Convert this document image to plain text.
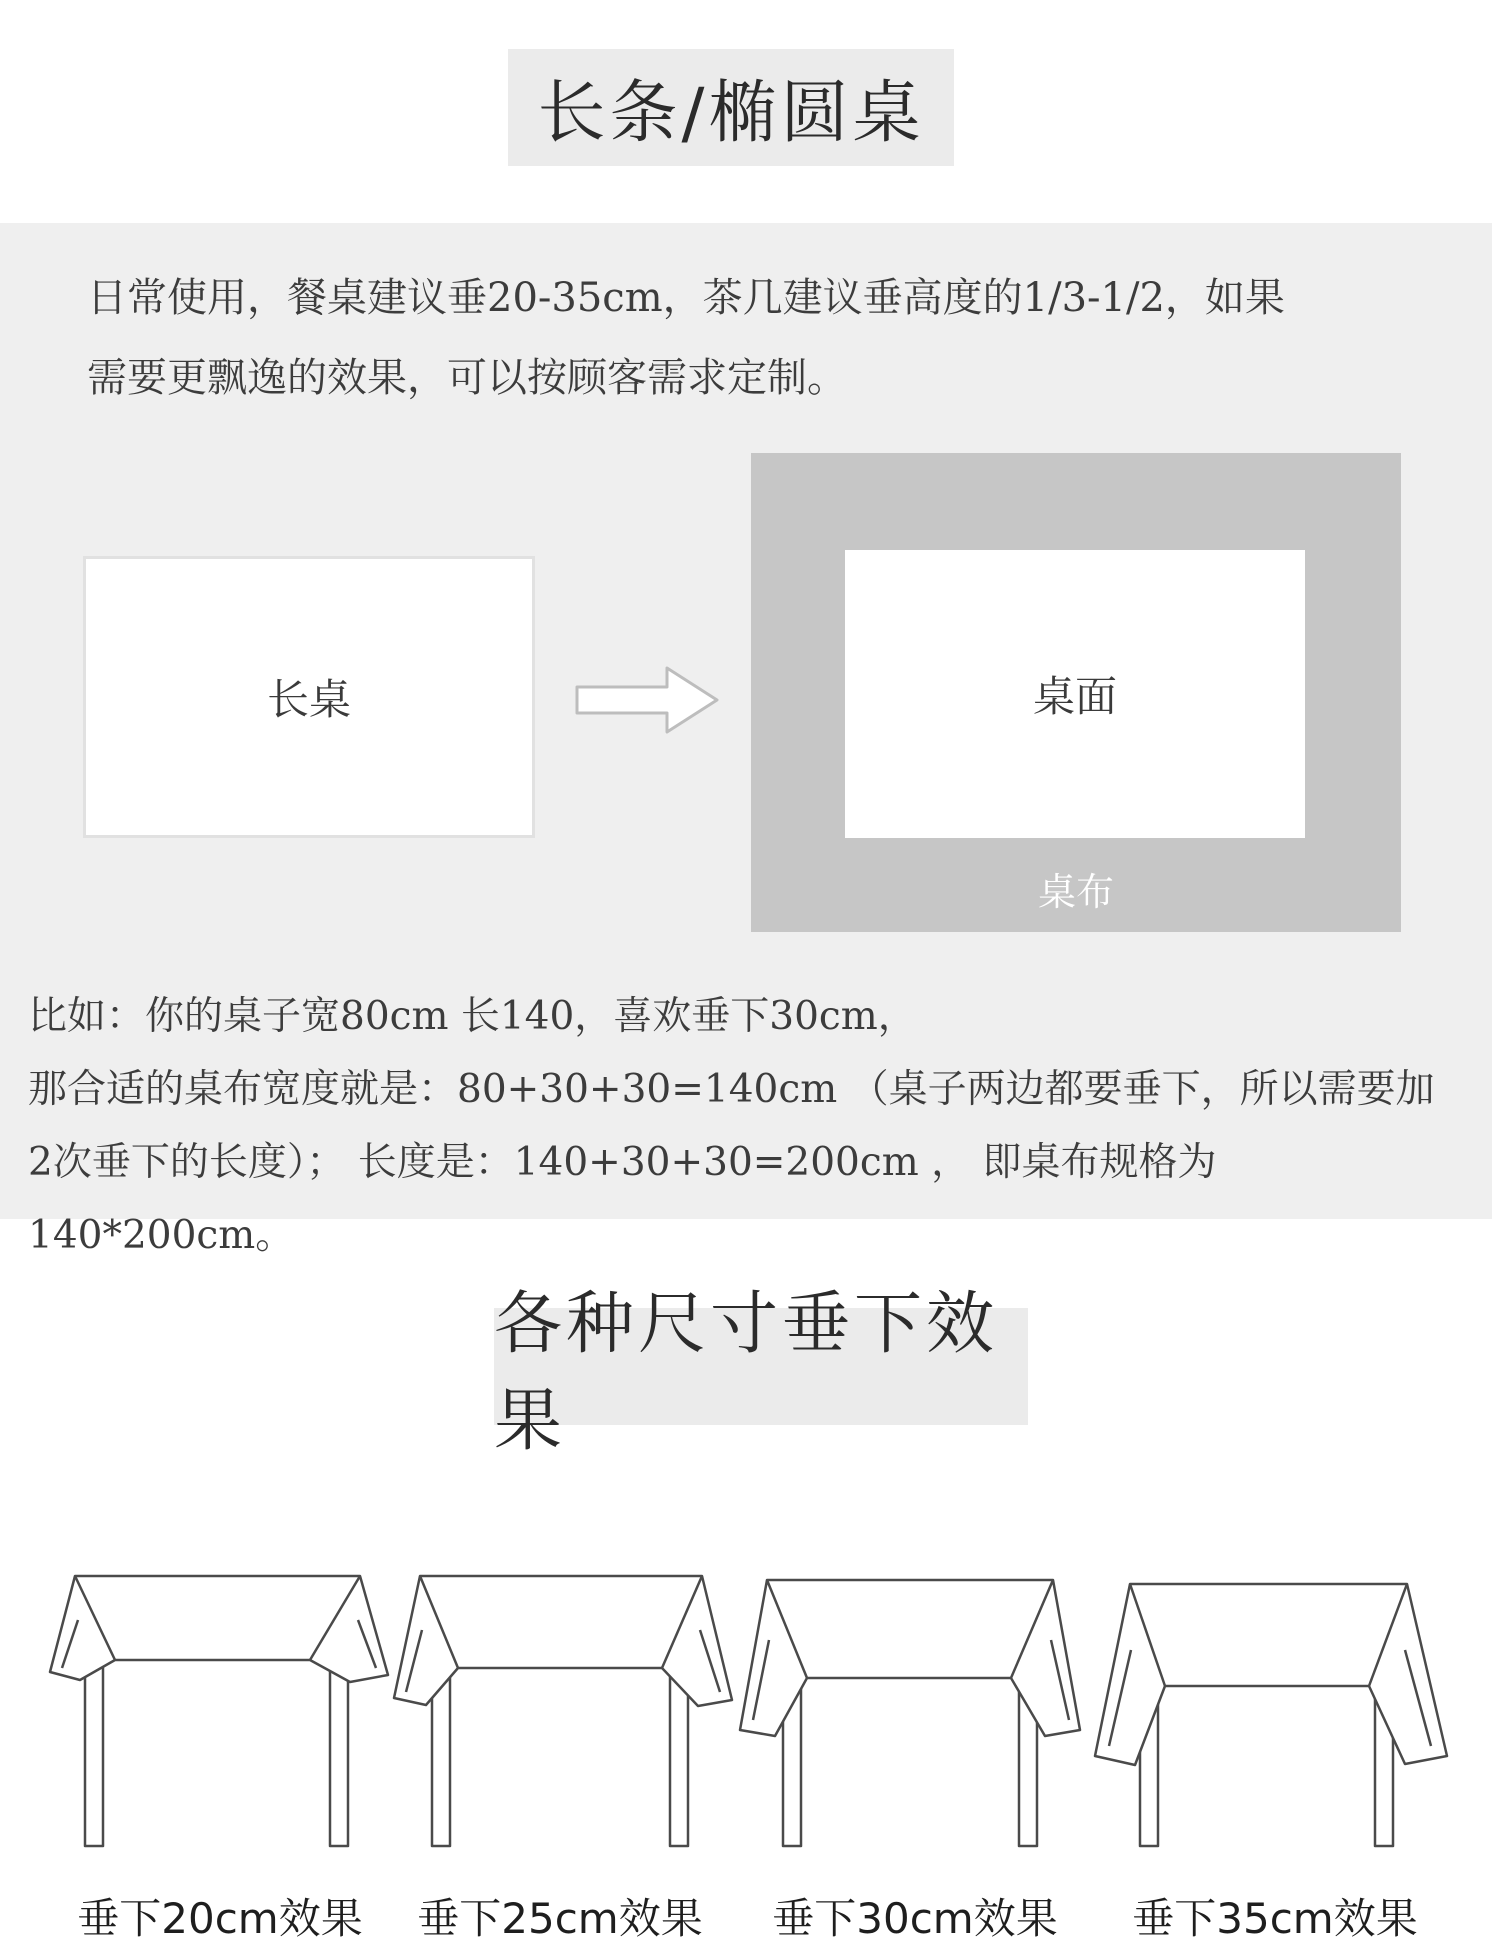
长条/椭圆桌

日常使用，餐桌建议垂20-35cm，茶几建议垂高度的1/3-1/2，如果
需要更飘逸的效果，可以按顾客需求定制。

长桌	桌面
桌布

比如：你的桌子宽80cm 长140，喜欢垂下30cm，
那合适的桌布宽度就是：80+30+30=140cm （桌子两边都要垂下，所以需要加
2次垂下的长度）； 长度是：140+30+30=200cm ， 即桌布规格为140*200cm。

各种尺寸垂下效果
垂下20cm效果	垂下25cm效果	垂下30cm效果	垂下35cm效果
